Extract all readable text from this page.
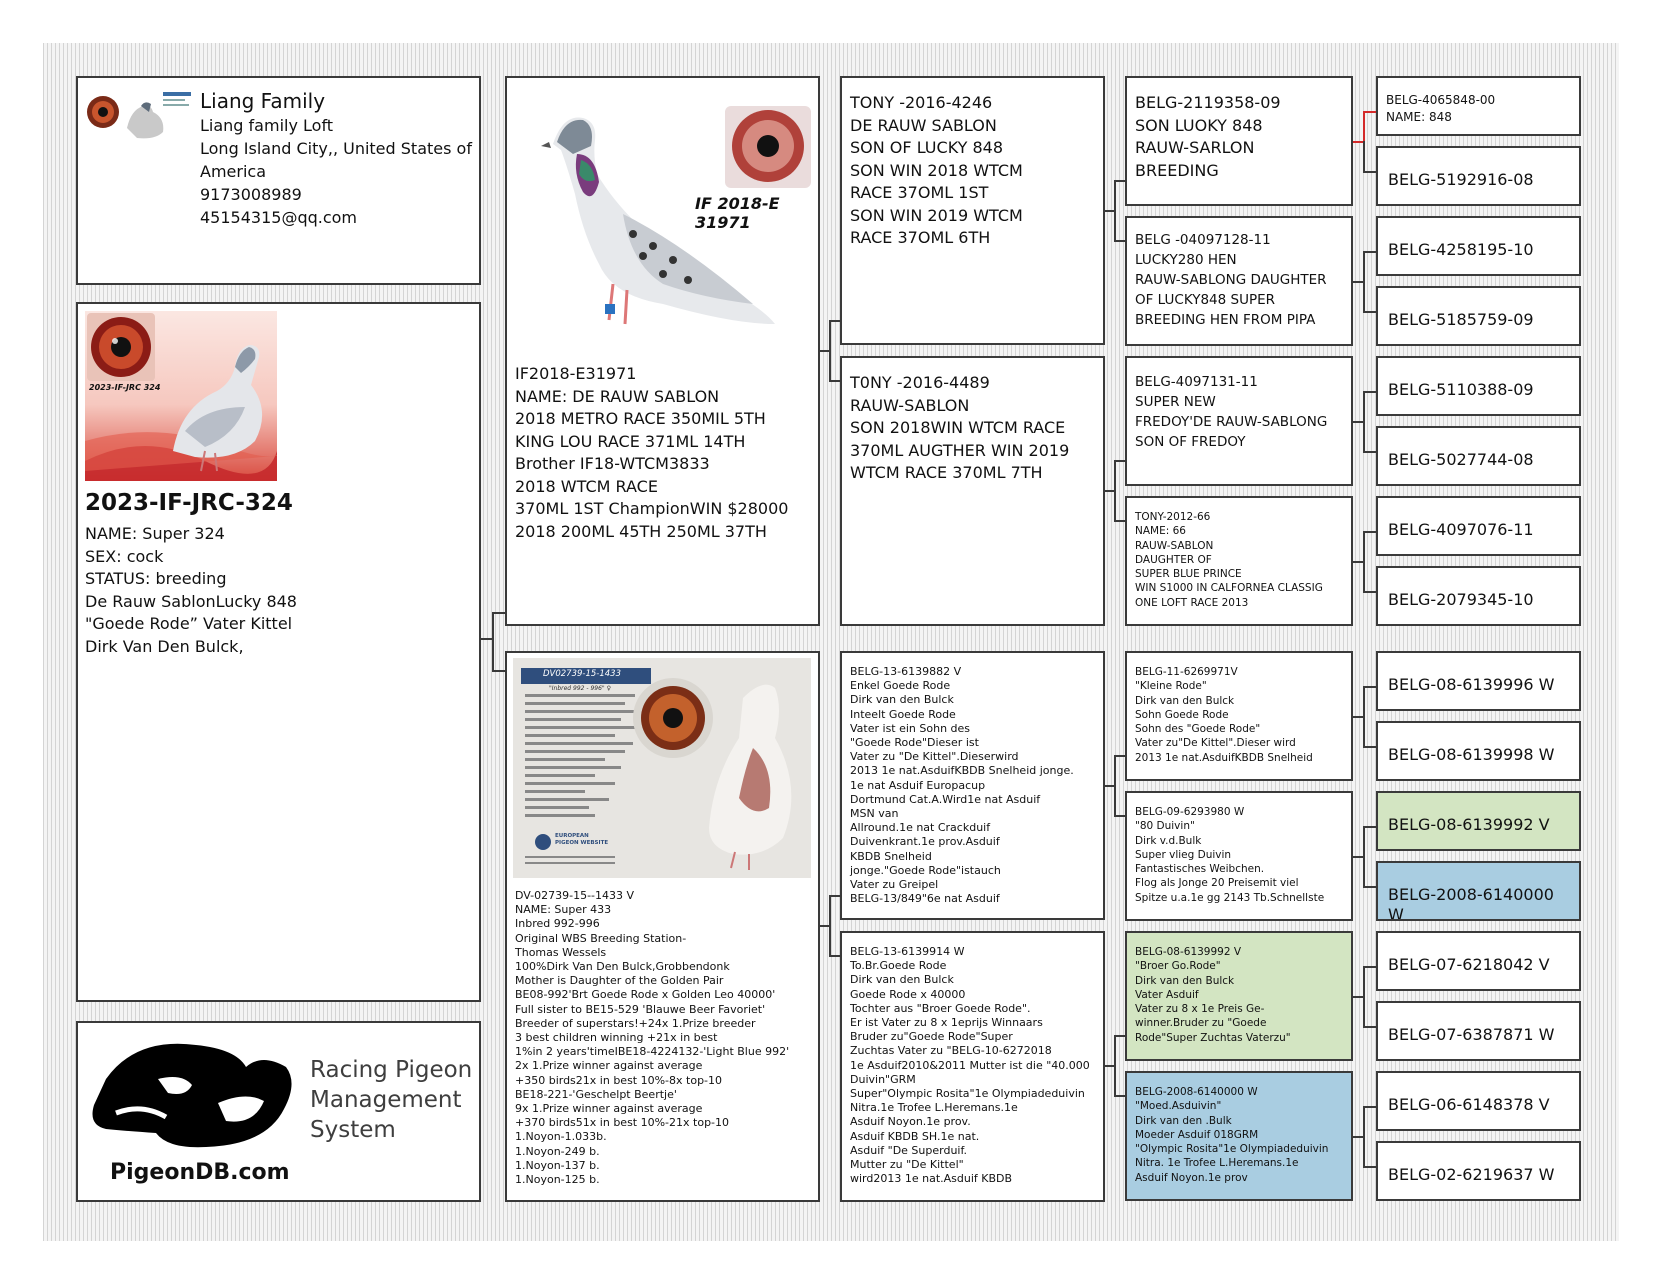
Liang Family
Liang family Loft
Long Island City,, United States of America
9173008989
45154315@qq.com
2023-IF-JRC 324
2023-IF-JRC-324
NAME: Super 324
SEX: cock
STATUS: breeding
De Rauw SablonLucky 848
"Goede Rode” Vater Kittel
Dirk Van Den Bulck,
Racing Pigeon
Management
System
PigeonDB.com
IF 2018-E 31971
IF2018-E31971
NAME: DE RAUW SABLON
2018 METRO RACE 350MIL 5TH
KING LOU RACE 371ML 14TH
Brother IF18-WTCM3833
2018 WTCM RACE
370ML 1ST ChampionWIN $28000
2018 200ML 45TH 250ML 37TH
DV02739-15-1433
"Inbred 992 - 996" ♀
EUROPEAN
PIGEON WEBSITE
DV-02739-15--1433 V
NAME: Super 433
Inbred 992-996
Original WBS Breeding Station-
Thomas Wessels
100%Dirk Van Den Bulck,Grobbendonk
Mother is Daughter of the Golden Pair
BE08-992'Brt Goede Rode x Golden Leo 40000'
Full sister to BE15-529 'Blauwe Beer Favoriet'
Breeder of superstars!+24x 1.Prize breeder
3 best children winning +21x in best
1%in 2 years'timeIBE18-4224132-'Light Blue 992'
2x 1.Prize winner against average
+350 birds21x in best 10%-8x top-10
BE18-221-'Geschelpt Beertje'
9x 1.Prize winner against average
+370 birds51x in best 10%-21x top-10
1.Noyon-1.033b.
1.Noyon-249 b.
1.Noyon-137 b.
1.Noyon-125 b.
TONY -2016-4246
DE RAUW SABLON
SON OF LUCKY 848
SON WIN 2018 WTCM
RACE 37OML 1ST
SON WIN 2019 WTCM
RACE 37OML 6TH
T0NY -2016-4489
RAUW-SABLON
SON 2018WIN WTCM RACE
370ML AUGTHER WIN 2019
WTCM RACE 370ML 7TH
BELG-13-6139882 V
Enkel Goede Rode
Dirk van den Bulck
Inteelt Goede Rode
Vater ist ein Sohn des
"Goede Rode"Dieser ist
Vater zu "De Kittel".Dieserwird
2013 1e nat.AsduifKBDB Snelheid jonge.
1e nat Asduif Europacup
Dortmund Cat.A.Wird1e nat Asduif
MSN van
Allround.1e nat Crackduif
Duivenkrant.1e prov.Asduif
KBDB Snelheid
jonge."Goede Rode"istauch
Vater zu Greipel
BELG-13/849"6e nat Asduif
BELG-13-6139914 W
To.Br.Goede Rode
Dirk van den Bulck
Goede Rode x 40000
Tochter aus "Broer Goede Rode".
Er ist Vater zu 8 x 1eprijs Winnaars
Bruder zu"Goede Rode"Super
Zuchtas Vater zu "BELG-10-6272018
1e Asduif2010&2011 Mutter ist die "40.000
Duivin"GRM
Super"Olympic Rosita"1e Olympiadeduivin
Nitra.1e Trofee L.Heremans.1e
Asduif Noyon.1e prov.
Asduif KBDB SH.1e nat.
Asduif "De Superduif.
Mutter zu "De Kittel"
wird2013 1e nat.Asduif KBDB
BELG-2119358-09
SON LUOKY 848
RAUW-SARLON BREEDING
BELG -04097128-11
LUCKY280 HEN
RAUW-SABLONG DAUGHTER
OF LUCKY848 SUPER
BREEDING HEN FROM PIPA
BELG-4097131-11
SUPER NEW
FREDOY'DE RAUW-SABLONG
SON OF FREDOY
TONY-2012-66
NAME: 66
RAUW-SABLON
DAUGHTER OF
SUPER BLUE PRINCE
WIN S1000 IN CALFORNEA CLASSIG
ONE LOFT RACE 2013
BELG-11-6269971V
"Kleine Rode"
Dirk van den Bulck
Sohn Goede Rode
Sohn des "Goede Rode"
Vater zu"De Kittel".Dieser wird
2013 1e nat.AsduifKBDB Snelheid
BELG-09-6293980 W
"80 Duivin"
Dirk v.d.Bulk
Super vlieg Duivin
Fantastisches Weibchen.
Flog als Jonge 20 Preisemit viel
Spitze u.a.1e gg 2143 Tb.Schnellste
BELG-08-6139992 V
"Broer Go.Rode"
Dirk van den Bulck
Vater Asduif
Vater zu 8 x 1e Preis Ge-
winner.Bruder zu "Goede
Rode"Super Zuchtas Vaterzu"
BELG-2008-6140000 W
"Moed.Asduivin"
Dirk van den .Bulk
Moeder Asduif 018GRM
"Olympic Rosita"1e Olympiadeduivin
Nitra. 1e Trofee L.Heremans.1e
Asduif Noyon.1e prov
BELG-4065848-00
NAME: 848
BELG-5192916-08
BELG-4258195-10
BELG-5185759-09
BELG-5110388-09
BELG-5027744-08
BELG-4097076-11
BELG-2079345-10
BELG-08-6139996 W
BELG-08-6139998 W
BELG-08-6139992 V
BELG-2008-6140000 W
BELG-07-6218042 V
BELG-07-6387871 W
BELG-06-6148378 V
BELG-02-6219637 W
